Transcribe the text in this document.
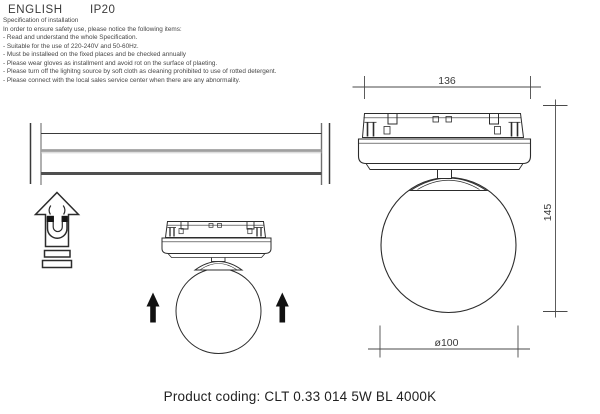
ENGLISH IP20
Specification of installation
In order to ensure safety use, please notice the following items:
- Read and understand the whole Specification.
- Suitable for the use of 220-240V and 50-60Hz.
- Must be installeed on the fixed places and be checked annually
- Please wear gloves as installment and avoid rot on the surface of plaeting.
- Please turn off the lighitng source by soft cloth as cleaning prohibited to use of rotted detergent.
- Please connect with the local sales service center when there are any abnormality.	136
145
ø100
Product coding: CLT 0.33 014 5W BL 4000K
